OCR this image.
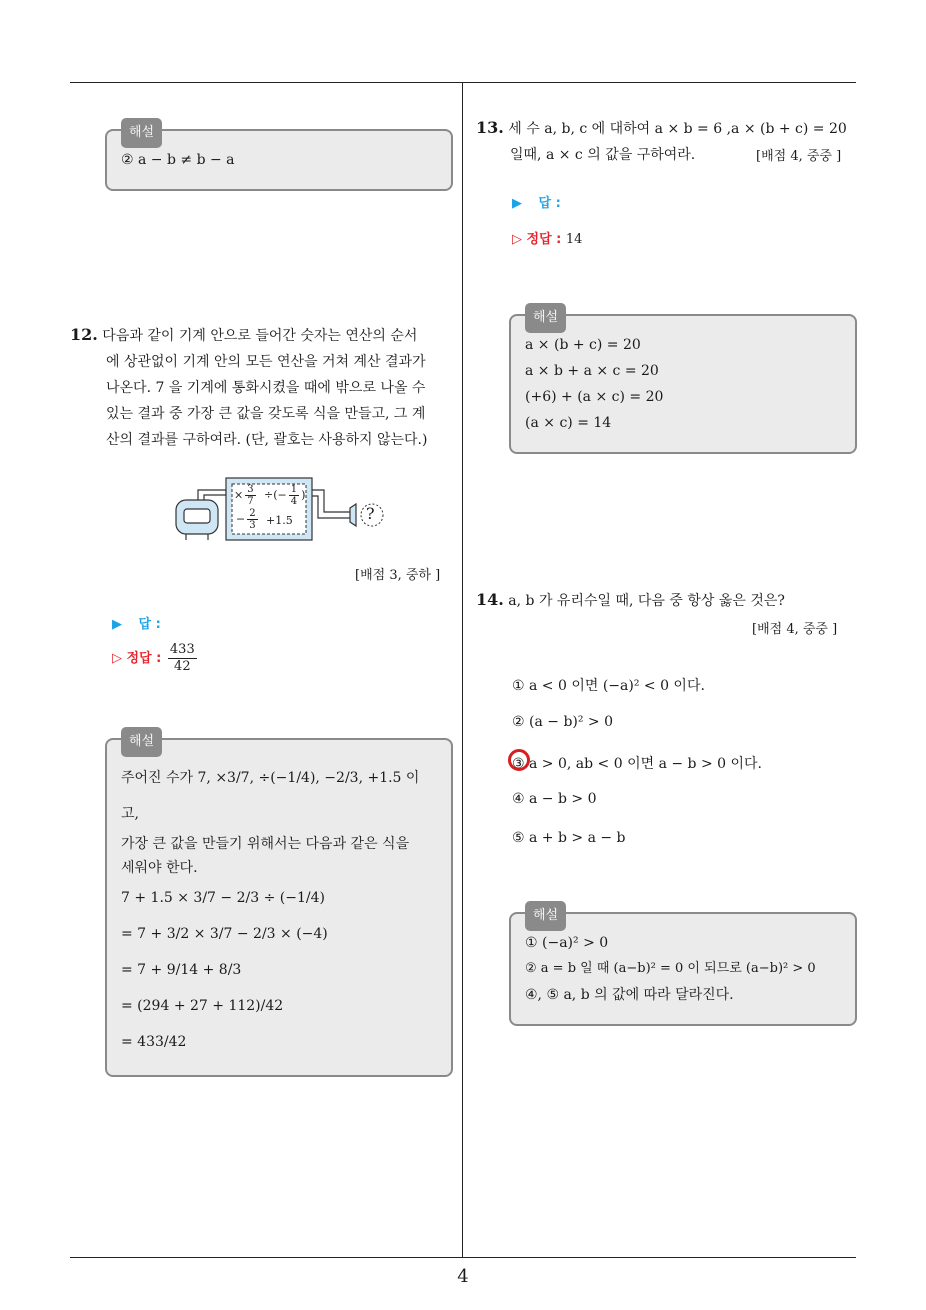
해설
② a − b ≠ b − a
12. 다음과 같이 기계 안으로 들어간 숫자는 연산의 순서
에 상관없이 기계 안의 모든 연산을 거쳐 계산 결과가
나온다. 7 을 기계에 통화시켰을 때에 밖으로 나올 수
있는 결과 중 가장 큰 값을 갖도록 식을 만들고, 그 계
산의 결과를 구하여라. (단, 괄호는 사용하지 않는다.)
× $\frac{3}{7}$ ÷(− $\frac{1}{4}$ )
− $\frac{2}{3} +1.5$	?
[배점 3, 중하 ]
▶ 답 :
▷ 정답 : $\frac{433}{42}$
해설
주어진 수가 7, ×3/7, ÷(−1/4), −2/3, +1.5 이고,
가장 큰 값을 만들기 위해서는 다음과 같은 식을
세워야 한다.
7 + 1.5 × 3/7 − 2/3 ÷ (−1/4)
= 7 + 3/2 × 3/7 − 2/3 × (−4)
= 7 + 9/14 + 8/3
= (294 + 27 + 112)/42
= 433/42
13. 세 수 a, b, c 에 대하여 a × b = 6 ,a × (b + c) = 20
일때, a × c 의 값을 구하여라.	[배점 4, 중중 ]
▶ 답 :
▷ 정답 : 14
해설
a × (b + c) = 20
a × b + a × c = 20
(+6) + (a × c) = 20
(a × c) = 14
14. a, b 가 유리수일 때, 다음 중 항상 옳은 것은?
[배점 4, 중중 ]
① a < 0 이면 (−a)² < 0 이다.
② (a − b)² > 0
③ a > 0, ab < 0 이면 a − b > 0 이다.
④ a − b > 0
⑤ a + b > a − b
해설
① (−a)² > 0
② a = b 일 때 (a−b)² = 0 이 되므로 (a−b)² > 0
④, ⑤ a, b 의 값에 따라 달라진다.
4
